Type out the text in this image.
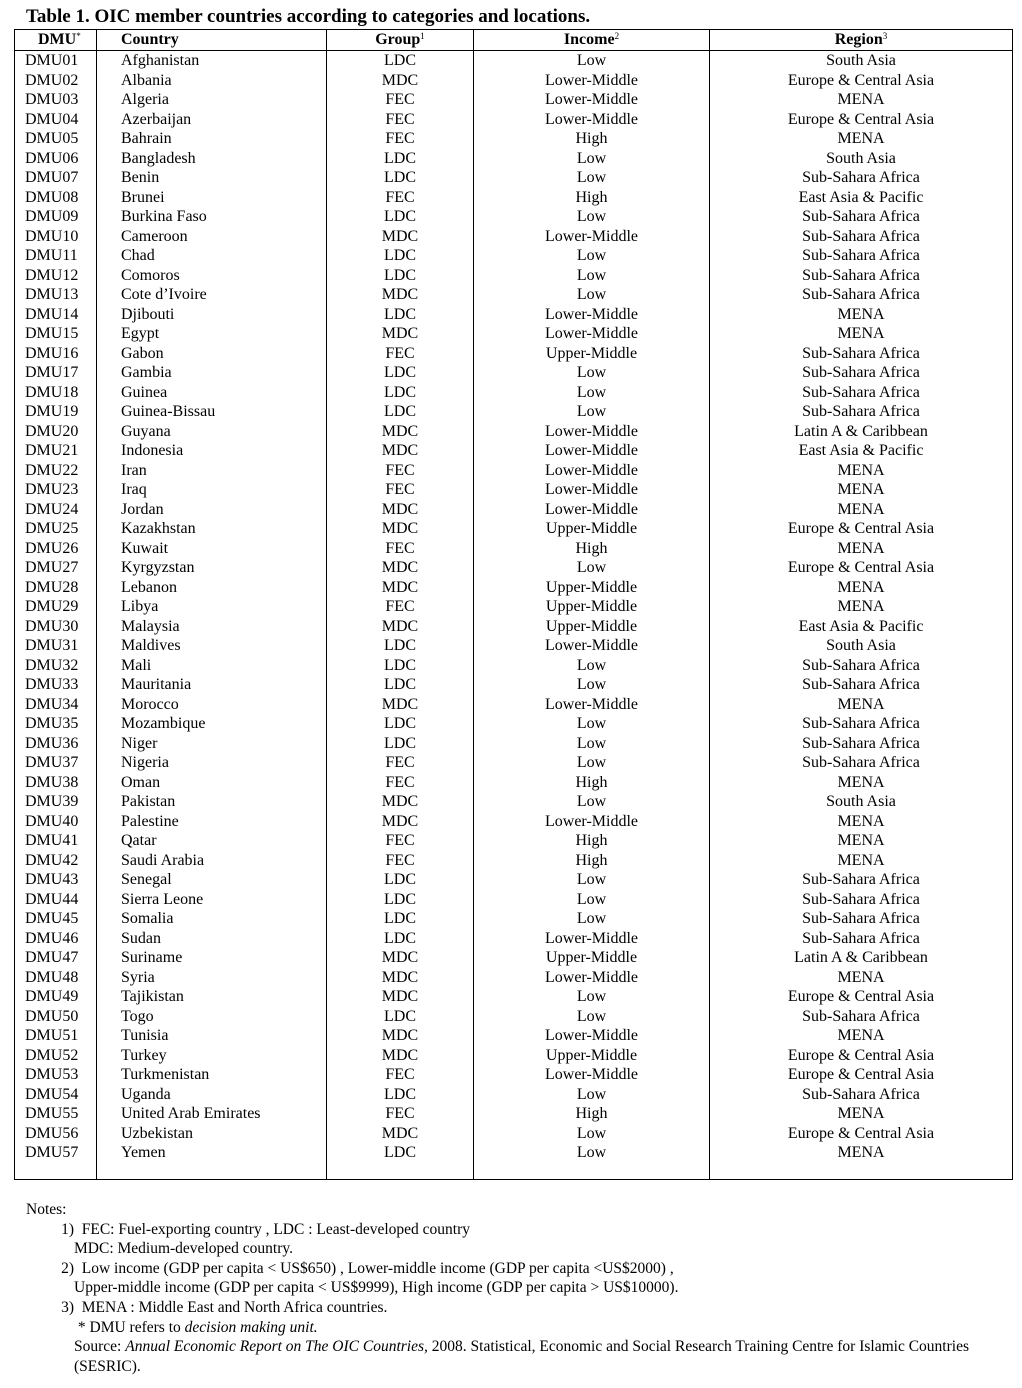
Table 1. OIC member countries according to categories and locations.
DMU*	Country	Group$^1$	Income$^2$	Region$^3$
DMU01	Afghanistan	LDC	Low	South Asia
DMU02	Albania	MDC	Lower-Middle	Europe & Central Asia
DMU03	Algeria	FEC	Lower-Middle	MENA
DMU04	Azerbaijan	FEC	Lower-Middle	Europe & Central Asia
DMU05	Bahrain	FEC	High	MENA
DMU06	Bangladesh	LDC	Low	South Asia
DMU07	Benin	LDC	Low	Sub-Sahara Africa
DMU08	Brunei	FEC	High	East Asia & Pacific
DMU09	Burkina Faso	LDC	Low	Sub-Sahara Africa
DMU10	Cameroon	MDC	Lower-Middle	Sub-Sahara Africa
DMU11	Chad	LDC	Low	Sub-Sahara Africa
DMU12	Comoros	LDC	Low	Sub-Sahara Africa
DMU13	Cote d’Ivoire	MDC	Low	Sub-Sahara Africa
DMU14	Djibouti	LDC	Lower-Middle	MENA
DMU15	Egypt	MDC	Lower-Middle	MENA
DMU16	Gabon	FEC	Upper-Middle	Sub-Sahara Africa
DMU17	Gambia	LDC	Low	Sub-Sahara Africa
DMU18	Guinea	LDC	Low	Sub-Sahara Africa
DMU19	Guinea-Bissau	LDC	Low	Sub-Sahara Africa
DMU20	Guyana	MDC	Lower-Middle	Latin A & Caribbean
DMU21	Indonesia	MDC	Lower-Middle	East Asia & Pacific
DMU22	Iran	FEC	Lower-Middle	MENA
DMU23	Iraq	FEC	Lower-Middle	MENA
DMU24	Jordan	MDC	Lower-Middle	MENA
DMU25	Kazakhstan	MDC	Upper-Middle	Europe & Central Asia
DMU26	Kuwait	FEC	High	MENA
DMU27	Kyrgyzstan	MDC	Low	Europe & Central Asia
DMU28	Lebanon	MDC	Upper-Middle	MENA
DMU29	Libya	FEC	Upper-Middle	MENA
DMU30	Malaysia	MDC	Upper-Middle	East Asia & Pacific
DMU31	Maldives	LDC	Lower-Middle	South Asia
DMU32	Mali	LDC	Low	Sub-Sahara Africa
DMU33	Mauritania	LDC	Low	Sub-Sahara Africa
DMU34	Morocco	MDC	Lower-Middle	MENA
DMU35	Mozambique	LDC	Low	Sub-Sahara Africa
DMU36	Niger	LDC	Low	Sub-Sahara Africa
DMU37	Nigeria	FEC	Low	Sub-Sahara Africa
DMU38	Oman	FEC	High	MENA
DMU39	Pakistan	MDC	Low	South Asia
DMU40	Palestine	MDC	Lower-Middle	MENA
DMU41	Qatar	FEC	High	MENA
DMU42	Saudi Arabia	FEC	High	MENA
DMU43	Senegal	LDC	Low	Sub-Sahara Africa
DMU44	Sierra Leone	LDC	Low	Sub-Sahara Africa
DMU45	Somalia	LDC	Low	Sub-Sahara Africa
DMU46	Sudan	LDC	Lower-Middle	Sub-Sahara Africa
DMU47	Suriname	MDC	Upper-Middle	Latin A & Caribbean
DMU48	Syria	MDC	Lower-Middle	MENA
DMU49	Tajikistan	MDC	Low	Europe & Central Asia
DMU50	Togo	LDC	Low	Sub-Sahara Africa
DMU51	Tunisia	MDC	Lower-Middle	MENA
DMU52	Turkey	MDC	Upper-Middle	Europe & Central Asia
DMU53	Turkmenistan	FEC	Lower-Middle	Europe & Central Asia
DMU54	Uganda	LDC	Low	Sub-Sahara Africa
DMU55	United Arab Emirates	FEC	High	MENA
DMU56	Uzbekistan	MDC	Low	Europe & Central Asia
DMU57	Yemen	LDC	Low	MENA

Notes:
1) FEC: Fuel-exporting country , LDC : Least-developed country
MDC: Medium-developed country.
2) Low income (GDP per capita < US$650) , Lower-middle income (GDP per capita <US$2000) ,
Upper-middle income (GDP per capita < US$9999), High income (GDP per capita > US$10000).
3) MENA : Middle East and North Africa countries.
* DMU refers to decision making unit.
Source: Annual Economic Report on The OIC Countries, 2008. Statistical, Economic and Social Research Training Centre for Islamic Countries (SESRIC).
